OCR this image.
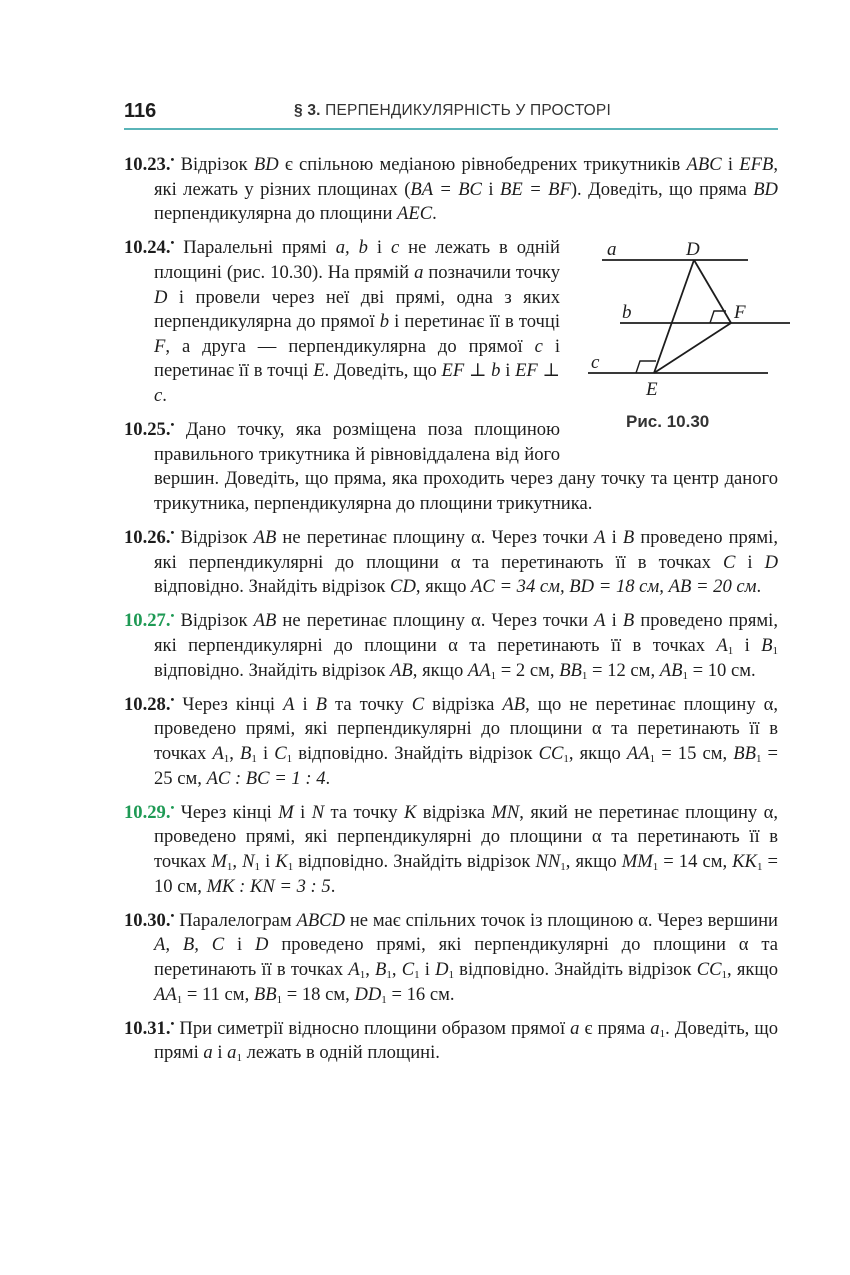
116	§ 3. ПЕРПЕНДИКУЛЯРНІСТЬ У ПРОСТОРІ

10.23.• Відрізок BD є спільною медіаною рівнобедрених трикутників ABC і EFB, які лежать у різних площинах (BA = BC і BE = BF). Доведіть, що пряма BD перпендикулярна до площини AEC.

a	D
b	F
c
E
Рис. 10.30

10.24.• Паралельні прямі a, b і c не лежать в одній площині (рис. 10.30). На прямій a позначили точку D і провели через неї дві прямі, одна з яких перпендикулярна до прямої b і перетинає її в точці F, а друга — перпендикулярна до прямої c і перетинає її в точці E. Доведіть, що EF ⊥ b і EF ⊥ c.

10.25.• Дано точку, яка розміщена поза площиною правильного трикутника й рівновіддалена від його вершин. Доведіть, що пряма, яка проходить через дану точку та центр даного трикутника, перпендикулярна до площини трикутника.

10.26.• Відрізок AB не перетинає площину α. Через точки A і B проведено прямі, які перпендикулярні до площини α та перетинають її в точках C і D відповідно. Знайдіть відрізок CD, якщо AC = 34 см, BD = 18 см, AB = 20 см.

10.27.• Відрізок AB не перетинає площину α. Через точки A і B проведено прямі, які перпендикулярні до площини α та перетинають її в точках $A_1$ і $B_1$ відповідно. Знайдіть відрізок AB, якщо $AA_1 = 2$ см, $BB_1 = 12$ см, $AB_1 = 10$ см.

10.28.• Через кінці A і B та точку C відрізка AB, що не перетинає площину α, проведено прямі, які перпендикулярні до площини α та перетинають її в точках $A_1$, $B_1$ і $C_1$ відповідно. Знайдіть відрізок $CC_1$, якщо $AA_1 = 15$ см, $BB_1 = 25$ см, AC : BC = 1 : 4.

10.29.• Через кінці M і N та точку K відрізка MN, який не перетинає площину α, проведено прямі, які перпендикулярні до площини α та перетинають її в точках $M_1$, $N_1$ і $K_1$ відповідно. Знайдіть відрізок $NN_1$, якщо $MM_1 = 14$ см, $KK_1 = 10$ см, MK : KN = 3 : 5.

10.30.• Паралелограм ABCD не має спільних точок із площиною α. Через вершини A, B, C і D проведено прямі, які перпендикулярні до площини α та перетинають її в точках $A_1$, $B_1$, $C_1$ і $D_1$ відповідно. Знайдіть відрізок $CC_1$, якщо $AA_1 = 11$ см, $BB_1 = 18$ см, $DD_1 = 16$ см.

10.31.• При симетрії відносно площини образом прямої a є пряма $a_1$. Доведіть, що прямі a і $a_1$ лежать в одній площині.
